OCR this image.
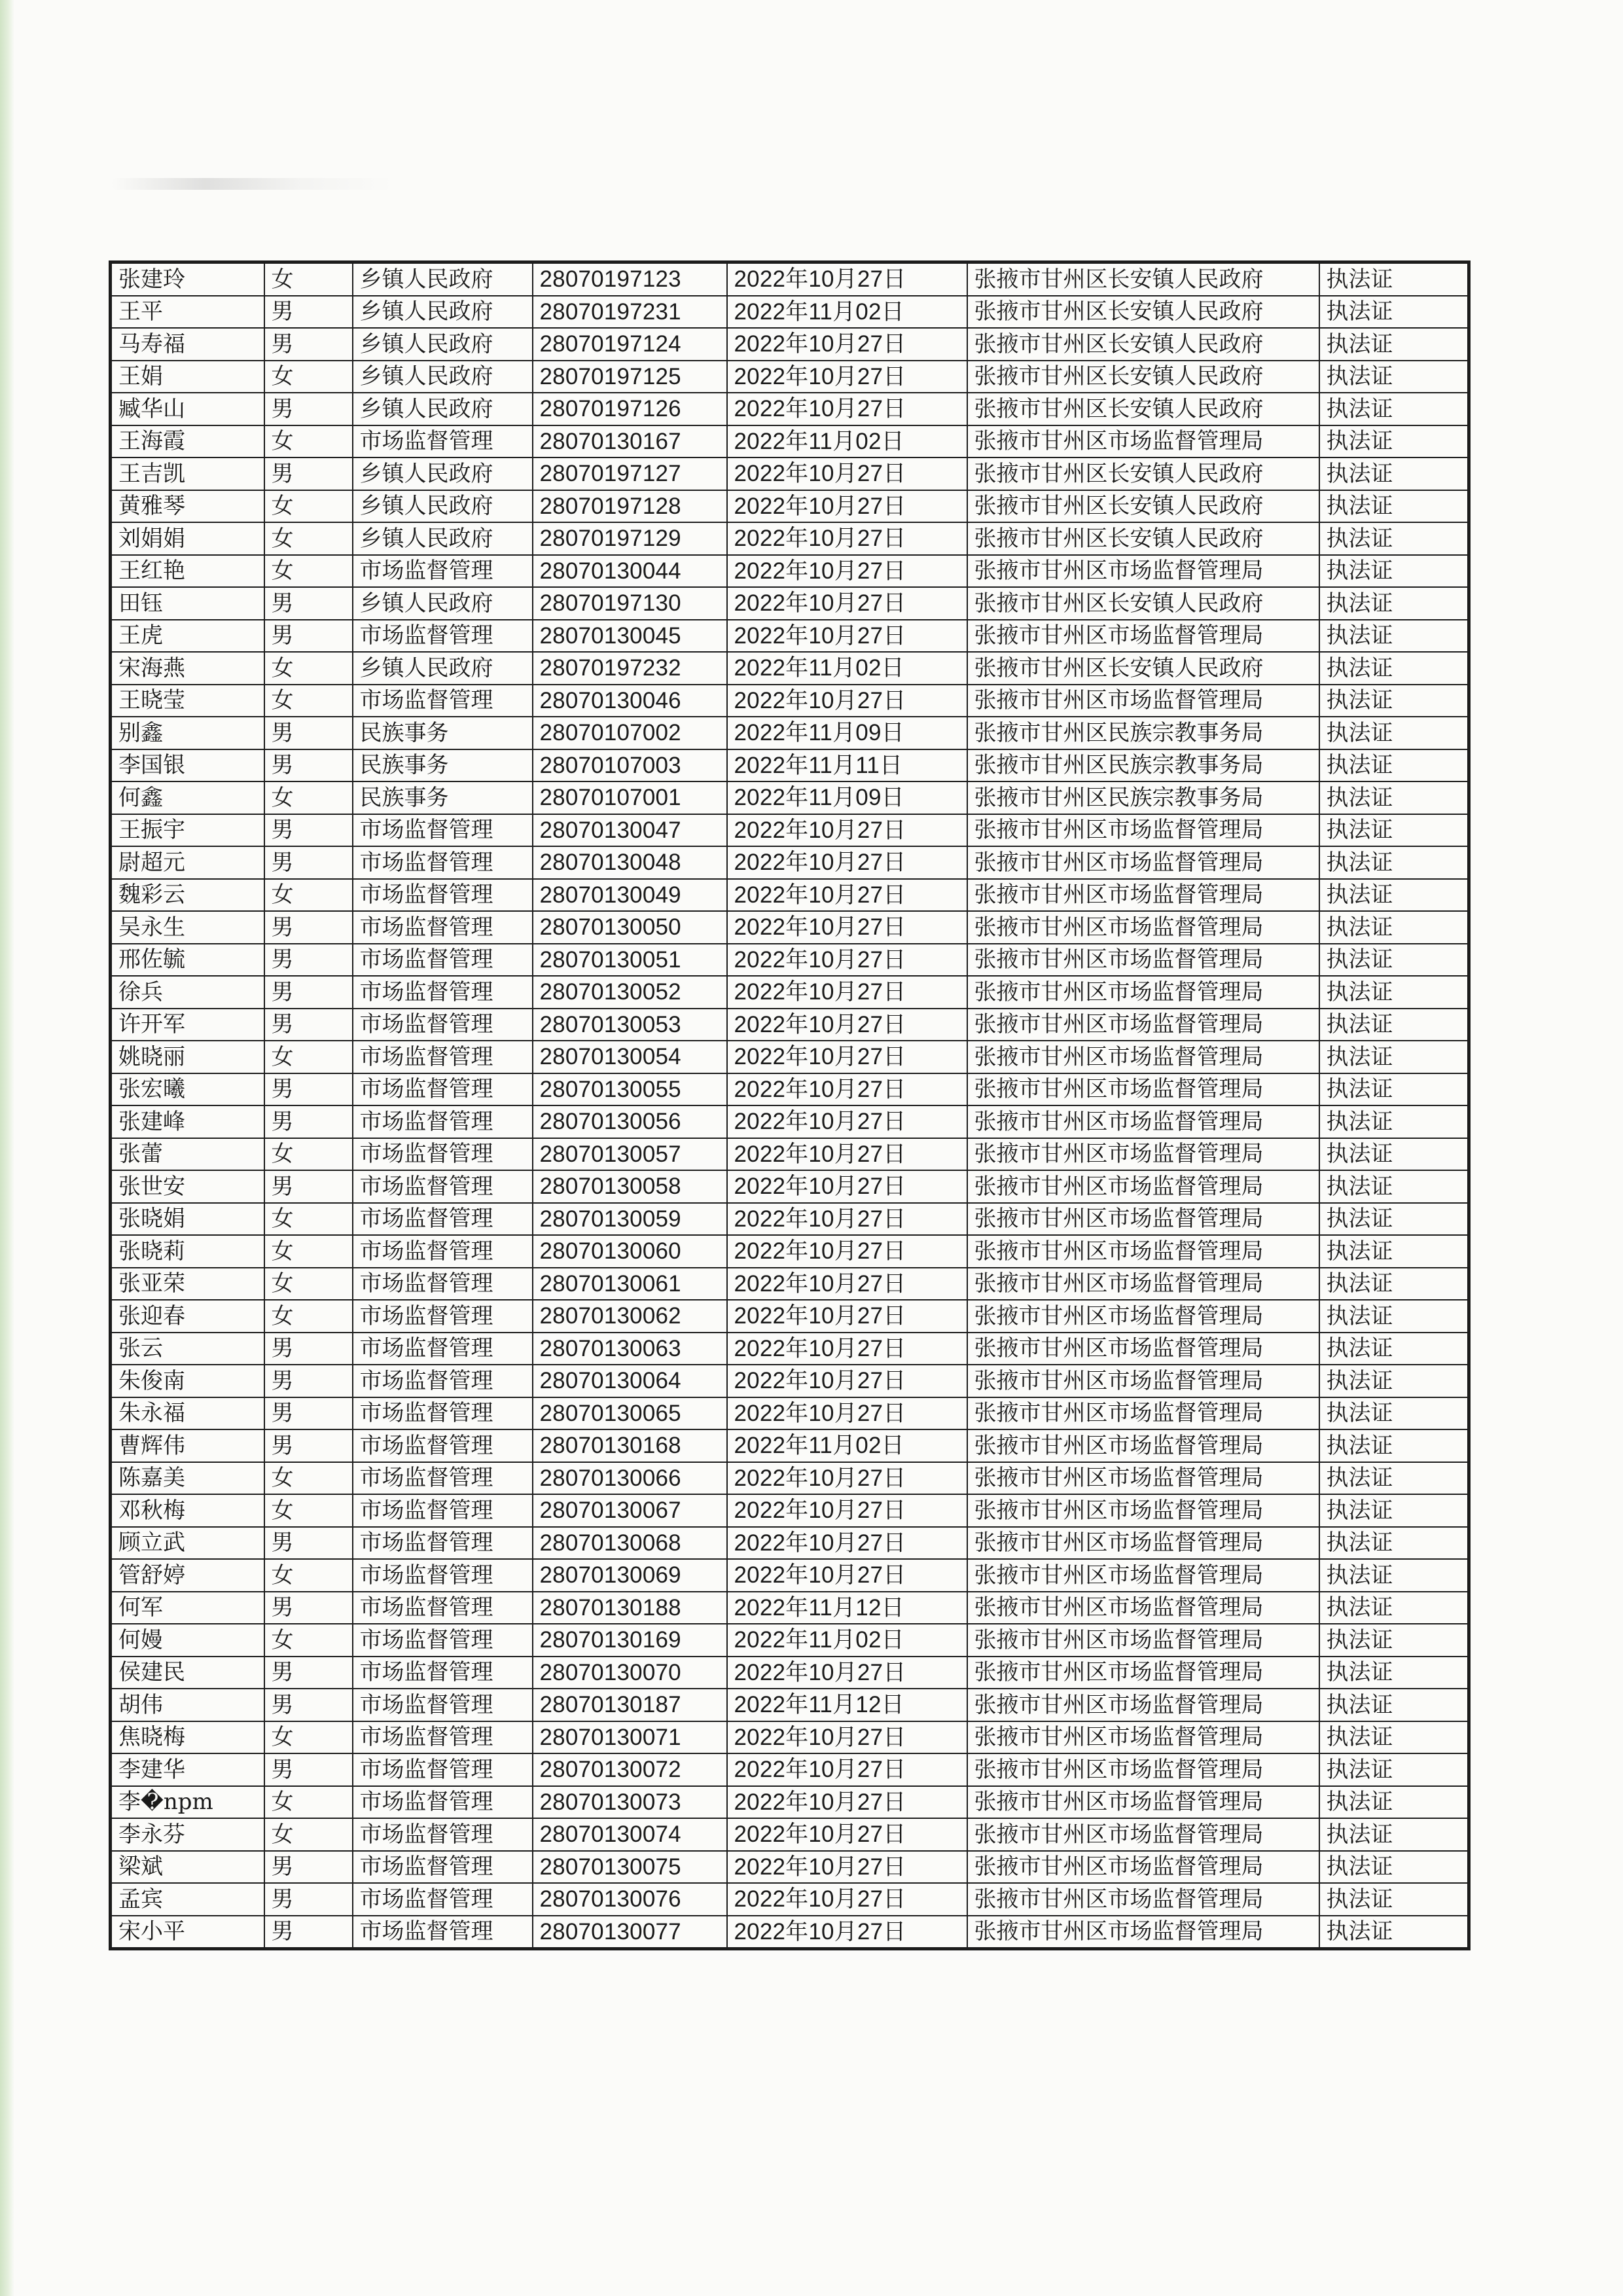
张建玲	女	乡镇人民政府	28070197123	2022年10月27日	张掖市甘州区长安镇人民政府	执法证
王平	男	乡镇人民政府	28070197231	2022年11月02日	张掖市甘州区长安镇人民政府	执法证
马寿福	男	乡镇人民政府	28070197124	2022年10月27日	张掖市甘州区长安镇人民政府	执法证
王娟	女	乡镇人民政府	28070197125	2022年10月27日	张掖市甘州区长安镇人民政府	执法证
臧华山	男	乡镇人民政府	28070197126	2022年10月27日	张掖市甘州区长安镇人民政府	执法证
王海霞	女	市场监督管理	28070130167	2022年11月02日	张掖市甘州区市场监督管理局	执法证
王吉凯	男	乡镇人民政府	28070197127	2022年10月27日	张掖市甘州区长安镇人民政府	执法证
黄雅琴	女	乡镇人民政府	28070197128	2022年10月27日	张掖市甘州区长安镇人民政府	执法证
刘娟娟	女	乡镇人民政府	28070197129	2022年10月27日	张掖市甘州区长安镇人民政府	执法证
王红艳	女	市场监督管理	28070130044	2022年10月27日	张掖市甘州区市场监督管理局	执法证
田钰	男	乡镇人民政府	28070197130	2022年10月27日	张掖市甘州区长安镇人民政府	执法证
王虎	男	市场监督管理	28070130045	2022年10月27日	张掖市甘州区市场监督管理局	执法证
宋海燕	女	乡镇人民政府	28070197232	2022年11月02日	张掖市甘州区长安镇人民政府	执法证
王晓莹	女	市场监督管理	28070130046	2022年10月27日	张掖市甘州区市场监督管理局	执法证
别鑫	男	民族事务	28070107002	2022年11月09日	张掖市甘州区民族宗教事务局	执法证
李国银	男	民族事务	28070107003	2022年11月11日	张掖市甘州区民族宗教事务局	执法证
何鑫	女	民族事务	28070107001	2022年11月09日	张掖市甘州区民族宗教事务局	执法证
王振宇	男	市场监督管理	28070130047	2022年10月27日	张掖市甘州区市场监督管理局	执法证
尉超元	男	市场监督管理	28070130048	2022年10月27日	张掖市甘州区市场监督管理局	执法证
魏彩云	女	市场监督管理	28070130049	2022年10月27日	张掖市甘州区市场监督管理局	执法证
吴永生	男	市场监督管理	28070130050	2022年10月27日	张掖市甘州区市场监督管理局	执法证
邢佐毓	男	市场监督管理	28070130051	2022年10月27日	张掖市甘州区市场监督管理局	执法证
徐兵	男	市场监督管理	28070130052	2022年10月27日	张掖市甘州区市场监督管理局	执法证
许开军	男	市场监督管理	28070130053	2022年10月27日	张掖市甘州区市场监督管理局	执法证
姚晓丽	女	市场监督管理	28070130054	2022年10月27日	张掖市甘州区市场监督管理局	执法证
张宏曦	男	市场监督管理	28070130055	2022年10月27日	张掖市甘州区市场监督管理局	执法证
张建峰	男	市场监督管理	28070130056	2022年10月27日	张掖市甘州区市场监督管理局	执法证
张蕾	女	市场监督管理	28070130057	2022年10月27日	张掖市甘州区市场监督管理局	执法证
张世安	男	市场监督管理	28070130058	2022年10月27日	张掖市甘州区市场监督管理局	执法证
张晓娟	女	市场监督管理	28070130059	2022年10月27日	张掖市甘州区市场监督管理局	执法证
张晓莉	女	市场监督管理	28070130060	2022年10月27日	张掖市甘州区市场监督管理局	执法证
张亚荣	女	市场监督管理	28070130061	2022年10月27日	张掖市甘州区市场监督管理局	执法证
张迎春	女	市场监督管理	28070130062	2022年10月27日	张掖市甘州区市场监督管理局	执法证
张云	男	市场监督管理	28070130063	2022年10月27日	张掖市甘州区市场监督管理局	执法证
朱俊南	男	市场监督管理	28070130064	2022年10月27日	张掖市甘州区市场监督管理局	执法证
朱永福	男	市场监督管理	28070130065	2022年10月27日	张掖市甘州区市场监督管理局	执法证
曹辉伟	男	市场监督管理	28070130168	2022年11月02日	张掖市甘州区市场监督管理局	执法证
陈嘉美	女	市场监督管理	28070130066	2022年10月27日	张掖市甘州区市场监督管理局	执法证
邓秋梅	女	市场监督管理	28070130067	2022年10月27日	张掖市甘州区市场监督管理局	执法证
顾立武	男	市场监督管理	28070130068	2022年10月27日	张掖市甘州区市场监督管理局	执法证
管舒婷	女	市场监督管理	28070130069	2022年10月27日	张掖市甘州区市场监督管理局	执法证
何军	男	市场监督管理	28070130188	2022年11月12日	张掖市甘州区市场监督管理局	执法证
何嫚	女	市场监督管理	28070130169	2022年11月02日	张掖市甘州区市场监督管理局	执法证
侯建民	男	市场监督管理	28070130070	2022年10月27日	张掖市甘州区市场监督管理局	执法证
胡伟	男	市场监督管理	28070130187	2022年11月12日	张掖市甘州区市场监督管理局	执法证
焦晓梅	女	市场监督管理	28070130071	2022年10月27日	张掖市甘州区市场监督管理局	执法证
李建华	男	市场监督管理	28070130072	2022年10月27日	张掖市甘州区市场监督管理局	执法证
李�npm	女	市场监督管理	28070130073	2022年10月27日	张掖市甘州区市场监督管理局	执法证
李永芬	女	市场监督管理	28070130074	2022年10月27日	张掖市甘州区市场监督管理局	执法证
梁斌	男	市场监督管理	28070130075	2022年10月27日	张掖市甘州区市场监督管理局	执法证
孟宾	男	市场监督管理	28070130076	2022年10月27日	张掖市甘州区市场监督管理局	执法证
宋小平	男	市场监督管理	28070130077	2022年10月27日	张掖市甘州区市场监督管理局	执法证
